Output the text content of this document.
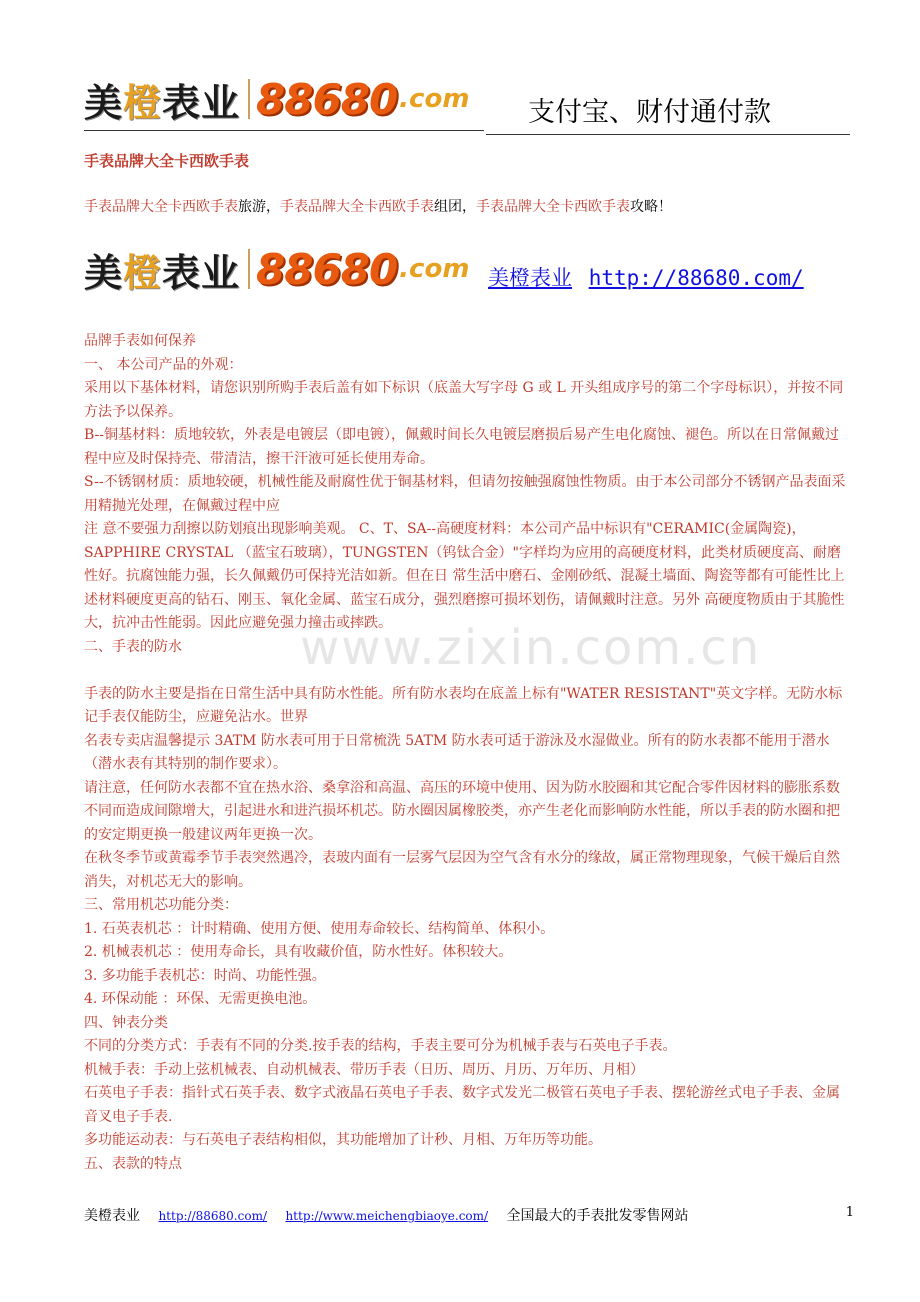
美橙表业 88680 .com 支付宝、财付通付款
手表品牌大全卡西欧手表
手表品牌大全卡西欧手表旅游，手表品牌大全卡西欧手表组团，手表品牌大全卡西欧手表攻略！
美橙表业 88680 .com 美橙表业 http://88680.com/
www.zixin.com.cn

品牌手表如何保养

一、 本公司产品的外观：

采用以下基体材料，请您识别所购手表后盖有如下标识（底盖大写字母 G 或 L 开头组成序号的第二个字母标识），并按不同方法予以保养。

B--铜基材料：质地较软，外表是电镀层（即电镀），佩戴时间长久电镀层磨损后易产生电化腐蚀、褪色。所以在日常佩戴过程中应及时保持壳、带清洁，擦干汗液可延长使用寿命。

S--不锈钢材质：质地较硬，机械性能及耐腐性优于铜基材料，但请勿按触强腐蚀性物质。由于本公司部分不锈钢产品表面采用精抛光处理，在佩戴过程中应

注 意不要强力刮擦以防划痕出现影响美观。 C、T、SA--高硬度材料：本公司产品中标识有"CERAMIC(金属陶瓷)， SAPPHIRE CRYSTAL （蓝宝石玻璃），TUNGSTEN（钨钛合金）"字样均为应用的高硬度材料，此类材质硬度高、耐磨性好。抗腐蚀能力强，长久佩戴仍可保持光洁如新。但在日 常生活中磨石、金刚砂纸、混凝土墙面、陶瓷等都有可能性比上述材料硬度更高的钻石、刚玉、氧化金属、蓝宝石成分，强烈磨擦可损坏划伤，请佩戴时注意。另外 高硬度物质由于其脆性大，抗冲击性能弱。因此应避免强力撞击或摔跌。

二、手表的防水

手表的防水主要是指在日常生活中具有防水性能。所有防水表均在底盖上标有"WATER RESISTANT"英文字样。无防水标记手表仅能防尘，应避免沾水。世界

名表专卖店温馨提示 3ATM 防水表可用于日常梳洗 5ATM 防水表可适于游泳及水湿做业。所有的防水表都不能用于潜水（潜水表有其特别的制作要求）。

请注意，任何防水表都不宜在热水浴、桑拿浴和高温、高压的环境中使用、因为防水胶圈和其它配合零件因材料的膨胀系数不同而造成间隙增大，引起进水和进汽损坏机芯。防水圈因属橡胶类，亦产生老化而影响防水性能，所以手表的防水圈和把的安定期更换一般建议两年更换一次。

在秋冬季节或黄霉季节手表突然遇冷，表玻内面有一层雾气层因为空气含有水分的缘故，属正常物理现象，气候干燥后自然消失，对机芯无大的影响。

三、常用机芯功能分类：

1. 石英表机芯 ：计时精确、使用方便、使用寿命较长、结构简单、体积小。

2. 机械表机芯 ：使用寿命长，具有收藏价值，防水性好。体积较大。

3. 多功能手表机芯：时尚、功能性强。

4. 环保动能 ：环保、无需更换电池。

四、钟表分类

不同的分类方式：手表有不同的分类.按手表的结构，手表主要可分为机械手表与石英电子手表。

机械手表：手动上弦机械表、自动机械表、带历手表（日历、周历、月历、万年历、月相）

石英电子手表：指针式石英手表、数字式液晶石英电子手表、数字式发光二极管石英电子手表、摆轮游丝式电子手表、金属音叉电子手表.

多功能运动表：与石英电子表结构相似，其功能增加了计秒、月相、万年历等功能。

五、表款的特点

美橙表业 http://88680.com/ http://www.meichengbiaoye.com/ 全国最大的手表批发零售网站	1
